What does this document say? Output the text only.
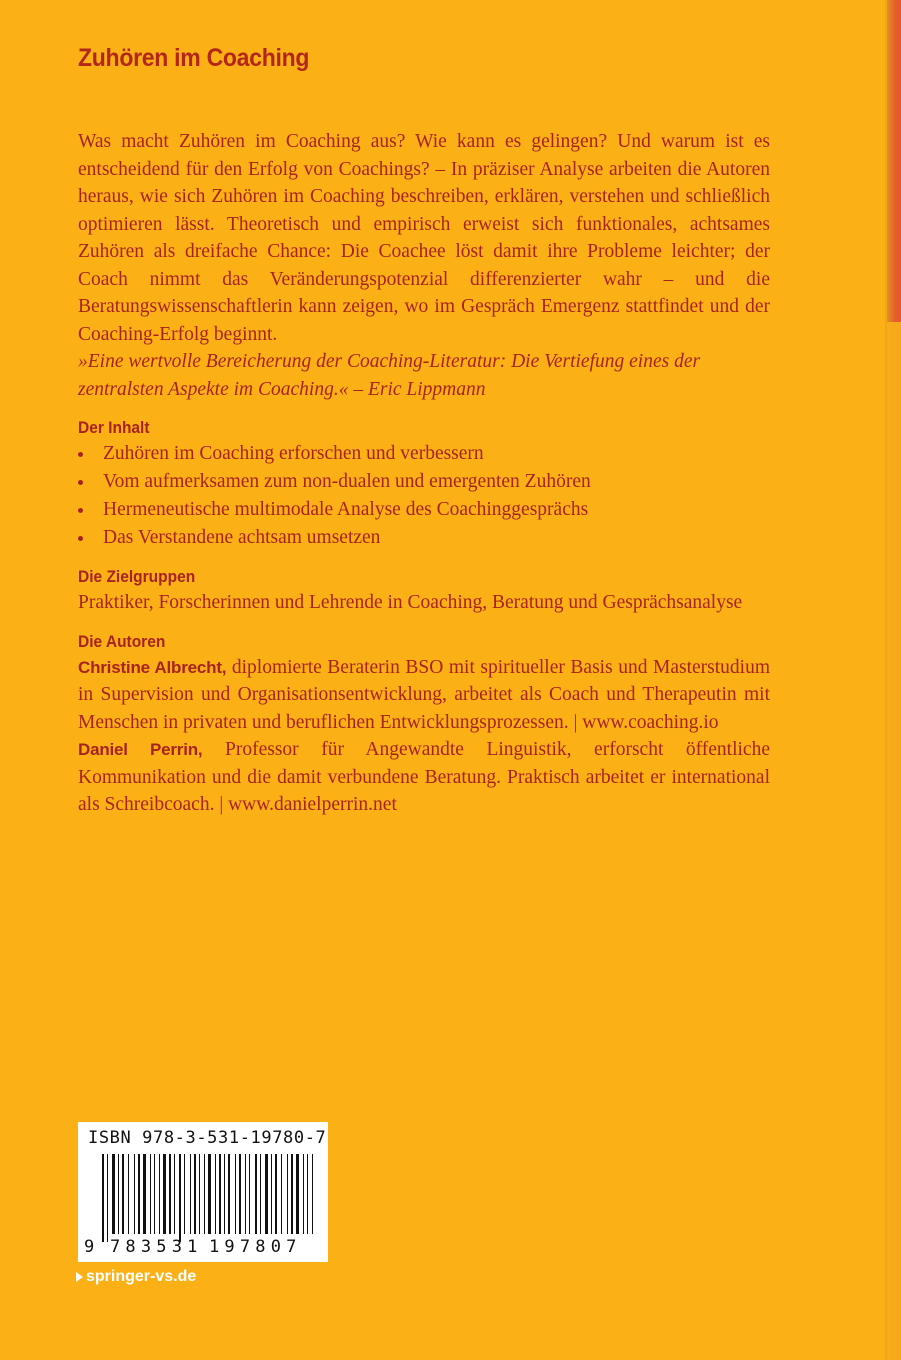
Zuhören im Coaching

Was macht Zuhören im Coaching aus? Wie kann es gelingen? Und warum ist es entscheidend für den Erfolg von Coachings? – In präziser Analyse arbeiten die Autoren heraus, wie sich Zuhören im Coaching beschreiben, erklären, verstehen und schließlich optimieren lässt. Theoretisch und empirisch erweist sich funktionales, achtsames Zuhören als dreifache Chance: Die Coachee löst damit ihre Probleme leichter; der Coach nimmt das Veränderungspotenzial differenzierter wahr – und die Beratungswissenschaftlerin kann zeigen, wo im Gespräch Emergenz stattfindet und der Coaching-Erfolg beginnt.

»Eine wertvolle Bereicherung der Coaching-Literatur: Die Vertiefung eines der zentralsten Aspekte im Coaching.« – Eric Lippmann

Der Inhalt
Zuhören im Coaching erforschen und verbessern
Vom aufmerksamen zum non-dualen und emergenten Zuhören
Hermeneutische multimodale Analyse des Coachinggesprächs
Das Verstandene achtsam umsetzen
Die Zielgruppen

Praktiker, Forscherinnen und Lehrende in Coaching, Beratung und Gesprächsanalyse

Die Autoren

Christine Albrecht, diplomierte Beraterin BSO mit spiritueller Basis und Masterstudium in Supervision und Organisationsentwicklung, arbeitet als Coach und Therapeutin mit Menschen in privaten und beruflichen Entwicklungsprozessen. | www.coaching.io

Daniel Perrin, Professor für Angewandte Linguistik, erforscht öffentliche Kommunikation und die damit verbundene Beratung. Praktisch arbeitet er international als Schreibcoach. | www.danielperrin.net

ISBN 978-3-531-19780-7
9 783531 197807
springer-vs.de
